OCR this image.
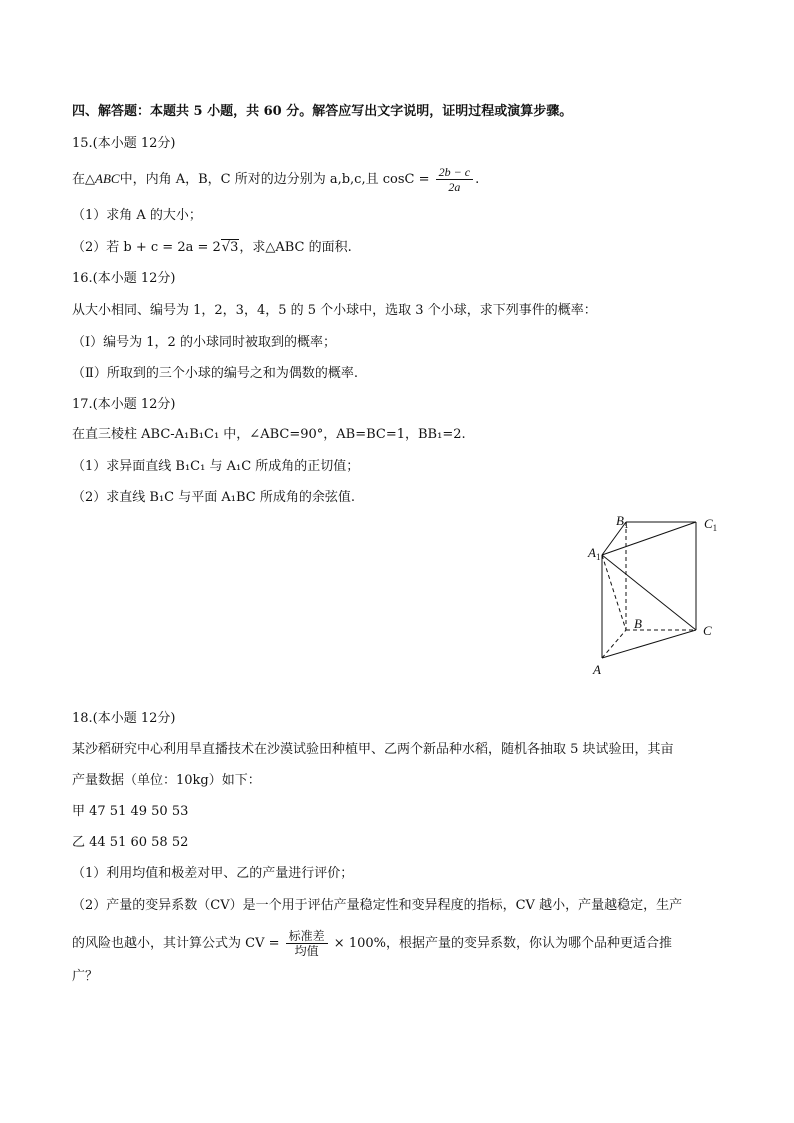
四、解答题：本题共 5 小题，共 60 分。解答应写出文字说明，证明过程或演算步骤。
15.(本小题 12分)
在△ABC中，内角 A，B，C 所对的边分别为 a,b,c,且 $\cos C = \frac{2b - c}{2a}$ .
（1）求角 A 的大小；
（2）若 b + c = 2a = 2√3，求△ABC 的面积.
16.(本小题 12分)
从大小相同、编号为 1，2，3，4，5 的 5 个小球中，选取 3 个小球，求下列事件的概率：
（Ⅰ）编号为 1，2 的小球同时被取到的概率；
（Ⅱ）所取到的三个小球的编号之和为偶数的概率.
17.(本小题 12分)
在直三棱柱 ABC-A₁B₁C₁ 中，∠ABC=90°，AB=BC=1，BB₁=2.
（1）求异面直线 B₁C₁ 与 A₁C 所成角的正切值；
（2）求直线 B₁C 与平面 A₁BC 所成角的余弦值.
$B_1$	$C_1$
$A_1$
B	C
A
18.(本小题 12分)
某沙稻研究中心利用旱直播技术在沙漠试验田种植甲、乙两个新品种水稻，随机各抽取 5 块试验田，其亩
产量数据（单位：10kg）如下：
甲 47 51 49 50 53
乙 44 51 60 58 52
（1）利用均值和极差对甲、乙的产量进行评价；
（2）产量的变异系数（CV）是一个用于评估产量稳定性和变异程度的指标，CV 越小，产量越稳定，生产
的风险也越小，其计算公式为 CV = $\frac{\text{标准差}}{\text{均值}} \times 100\%$，根据产量的变异系数，你认为哪个品种更适合推
广？
